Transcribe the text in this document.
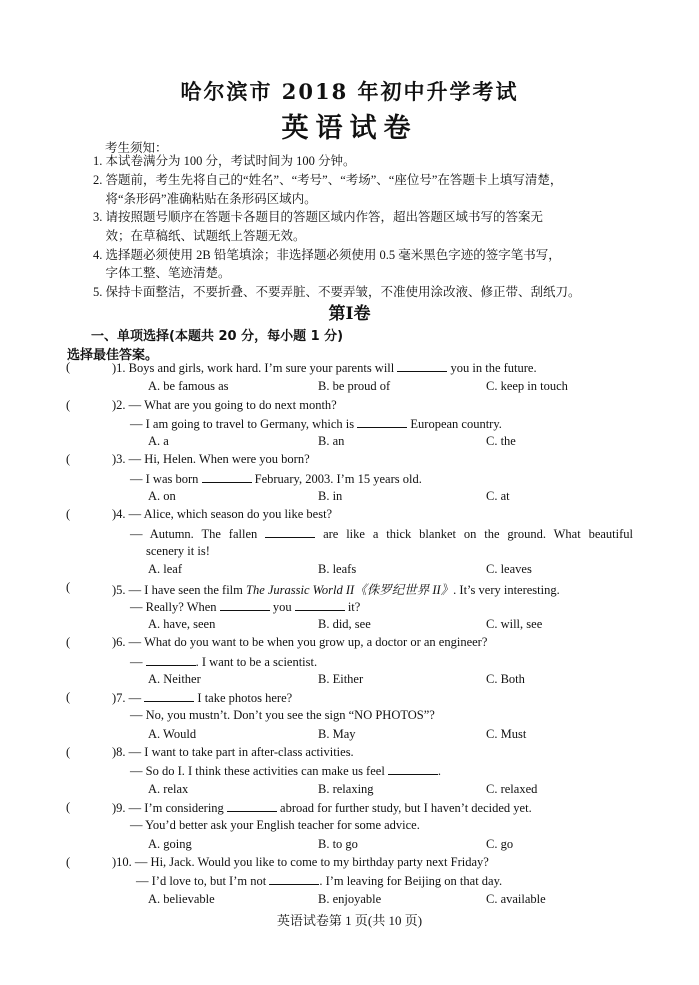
哈尔滨市 2018 年初中升学考试
英语试卷
考生须知：
1. 本试卷满分为 100 分，考试时间为 100 分钟。
2. 答题前，考生先将自己的“姓名”、“考号”、“考场”、“座位号”在答题卡上填写清楚，
将“条形码”准确粘贴在条形码区域内。
3. 请按照题号顺序在答题卡各题目的答题区域内作答，超出答题区域书写的答案无
效；在草稿纸、试题纸上答题无效。
4. 选择题必须使用 2B 铅笔填涂；非选择题必须使用 0.5 毫米黑色字迹的签字笔书写，
字体工整、笔迹清楚。
5. 保持卡面整洁，不要折叠、不要弄脏、不要弄皱，不准使用涂改液、修正带、刮纸刀。
第Ⅰ卷
一、单项选择(本题共 20 分，每小题 1 分)
选择最佳答案。
(	)1. Boys and girls, work hard. I’m sure your parents will	you in the future.
A. be famous as	B. be proud of	C. keep in touch
(	)2. — What are you going to do next month?
— I am going to travel to Germany, which is	European country.
A. a	B. an	C. the
(	)3. — Hi, Helen. When were you born?
— I was born	February, 2003. I’m 15 years old.
A. on	B. in	C. at
(	)4. — Alice, which season do you like best?
— Autumn. The fallen	are like a thick blanket on the ground. What beautiful
scenery it is!
A. leaf	B. leafs	C. leaves
(	)5. — I have seen the film The Jurassic World II《侏罗纪世界 II》. It’s very interesting.
— Really? When	you	it?
A. have, seen	B. did, see	C. will, see
(	)6. — What do you want to be when you grow up, a doctor or an engineer?
—	. I want to be a scientist.
A. Neither	B. Either	C. Both
(	)7. —	I take photos here?
— No, you mustn’t. Don’t you see the sign “NO PHOTOS”?
A. Would	B. May	C. Must
(	)8. — I want to take part in after-class activities.
— So do I. I think these activities can make us feel	.
A. relax	B. relaxing	C. relaxed
(	)9. — I’m considering	abroad for further study, but I haven’t decided yet.
— You’d better ask your English teacher for some advice.
A. going	B. to go	C. go
(	)10. — Hi, Jack. Would you like to come to my birthday party next Friday?
— I’d love to, but I’m not	. I’m leaving for Beijing on that day.
A. believable	B. enjoyable	C. available
英语试卷第 1 页(共 10 页)
